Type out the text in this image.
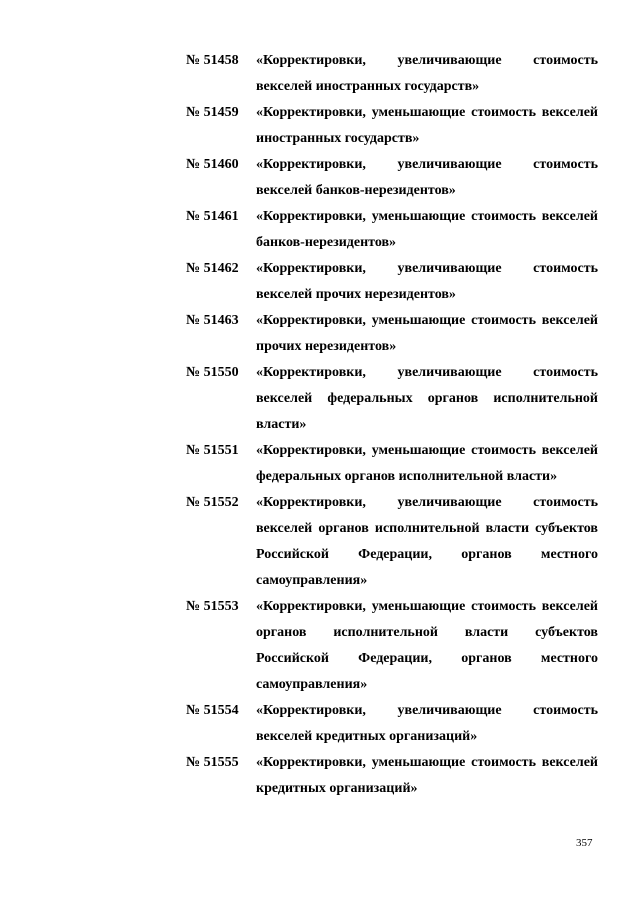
№ 51458	«Корректировки, увеличивающие стоимость векселей иностранных государств»
№ 51459	«Корректировки, уменьшающие стоимость векселей иностранных государств»
№ 51460	«Корректировки, увеличивающие стоимость векселей банков-нерезидентов»
№ 51461	«Корректировки, уменьшающие стоимость векселей банков-нерезидентов»
№ 51462	«Корректировки, увеличивающие стоимость векселей прочих нерезидентов»
№ 51463	«Корректировки, уменьшающие стоимость векселей прочих нерезидентов»
№ 51550	«Корректировки, увеличивающие стоимость векселей федеральных органов исполнительной власти»
№ 51551	«Корректировки, уменьшающие стоимость векселей федеральных органов исполнительной власти»
№ 51552	«Корректировки, увеличивающие стоимость векселей органов исполнительной власти субъектов Российской Федерации, органов местного самоуправления»
№ 51553	«Корректировки, уменьшающие стоимость векселей органов исполнительной власти субъектов Российской Федерации, органов местного самоуправления»
№ 51554	«Корректировки, увеличивающие стоимость векселей кредитных организаций»
№ 51555	«Корректировки, уменьшающие стоимость векселей кредитных организаций»
357
